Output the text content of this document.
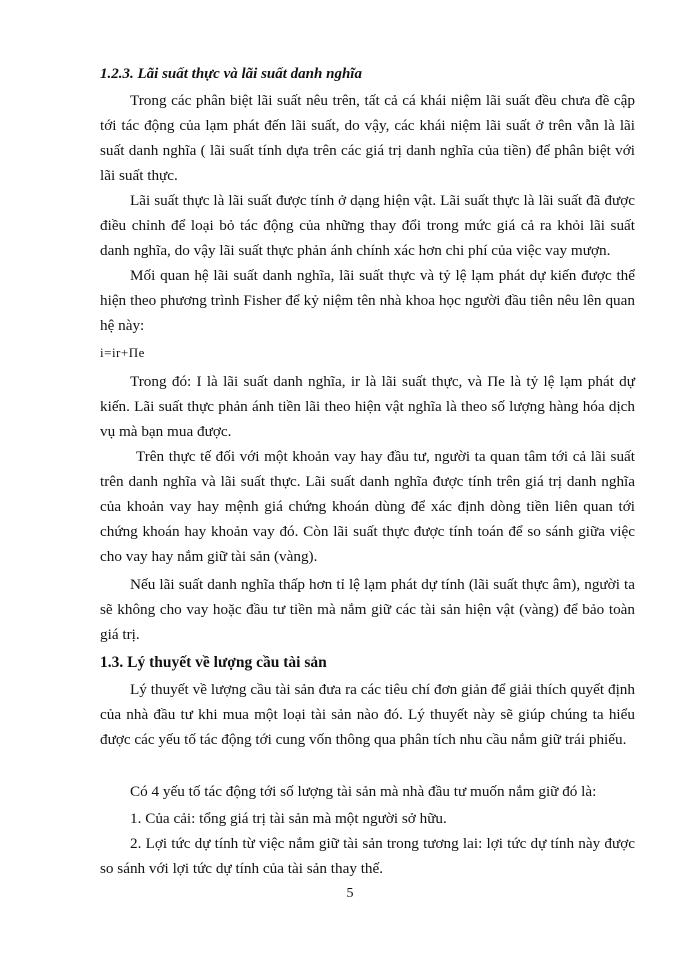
1.2.3. Lãi suất thực và lãi suất danh nghĩa

Trong các phân biệt lãi suất nêu trên, tất cả cá khái niệm lãi suất đều chưa đề cập tới tác động của lạm phát đến lãi suất, do vậy, các khái niệm lãi suất ở trên vẫn là lãi suất danh nghĩa ( lãi suất tính dựa trên các giá trị danh nghĩa của tiền) để phân biệt với lãi suất thực.

Lãi suất thực là lãi suất được tính ở dạng hiện vật. Lãi suất thực là lãi suất đã được điều chỉnh để loại bỏ tác động của những thay đổi trong mức giá cả ra khỏi lãi suất danh nghĩa, do vậy lãi suất thực phản ánh chính xác hơn chi phí của việc vay mượn.

Mối quan hệ lãi suất danh nghĩa, lãi suất thực và tỷ lệ lạm phát dự kiến được thể hiện theo phương trình Fisher để kỷ niệm tên nhà khoa học người đầu tiên nêu lên quan hệ này:

i=ir+Πe

Trong đó: I là lãi suất danh nghĩa, ir là lãi suất thực, và Πe là tỷ lệ lạm phát dự kiến. Lãi suất thực phản ánh tiền lãi theo hiện vật nghĩa là theo số lượng hàng hóa dịch vụ mà bạn mua được.

Trên thực tế đối với một khoản vay hay đầu tư, người ta quan tâm tới cả lãi suất trên danh nghĩa và lãi suất thực. Lãi suất danh nghĩa được tính trên giá trị danh nghĩa của khoản vay hay mệnh giá chứng khoán dùng để xác định dòng tiền liên quan tới chứng khoán hay khoản vay đó. Còn lãi suất thực được tính toán để so sánh giữa việc cho vay hay nắm giữ tài sản (vàng).

Nếu lãi suất danh nghĩa thấp hơn tỉ lệ lạm phát dự tính (lãi suất thực âm), người ta sẽ không cho vay hoặc đầu tư tiền mà nắm giữ các tài sản hiện vật (vàng) để bảo toàn giá trị.

1.3. Lý thuyết về lượng cầu tài sản

Lý thuyết về lượng cầu tài sản đưa ra các tiêu chí đơn giản để giải thích quyết định của nhà đầu tư khi mua một loại tài sản nào đó. Lý thuyết này sẽ giúp chúng ta hiểu được các yếu tố tác động tới cung vốn thông qua phân tích nhu cầu nắm giữ trái phiếu.

Có 4 yếu tố tác động tới số lượng tài sản mà nhà đầu tư muốn nắm giữ đó là:

1. Của cải: tổng giá trị tài sản mà một người sở hữu.

2. Lợi tức dự tính từ việc nắm giữ tài sản trong tương lai: lợi tức dự tính này được so sánh với lợi tức dự tính của tài sản thay thế.

5
